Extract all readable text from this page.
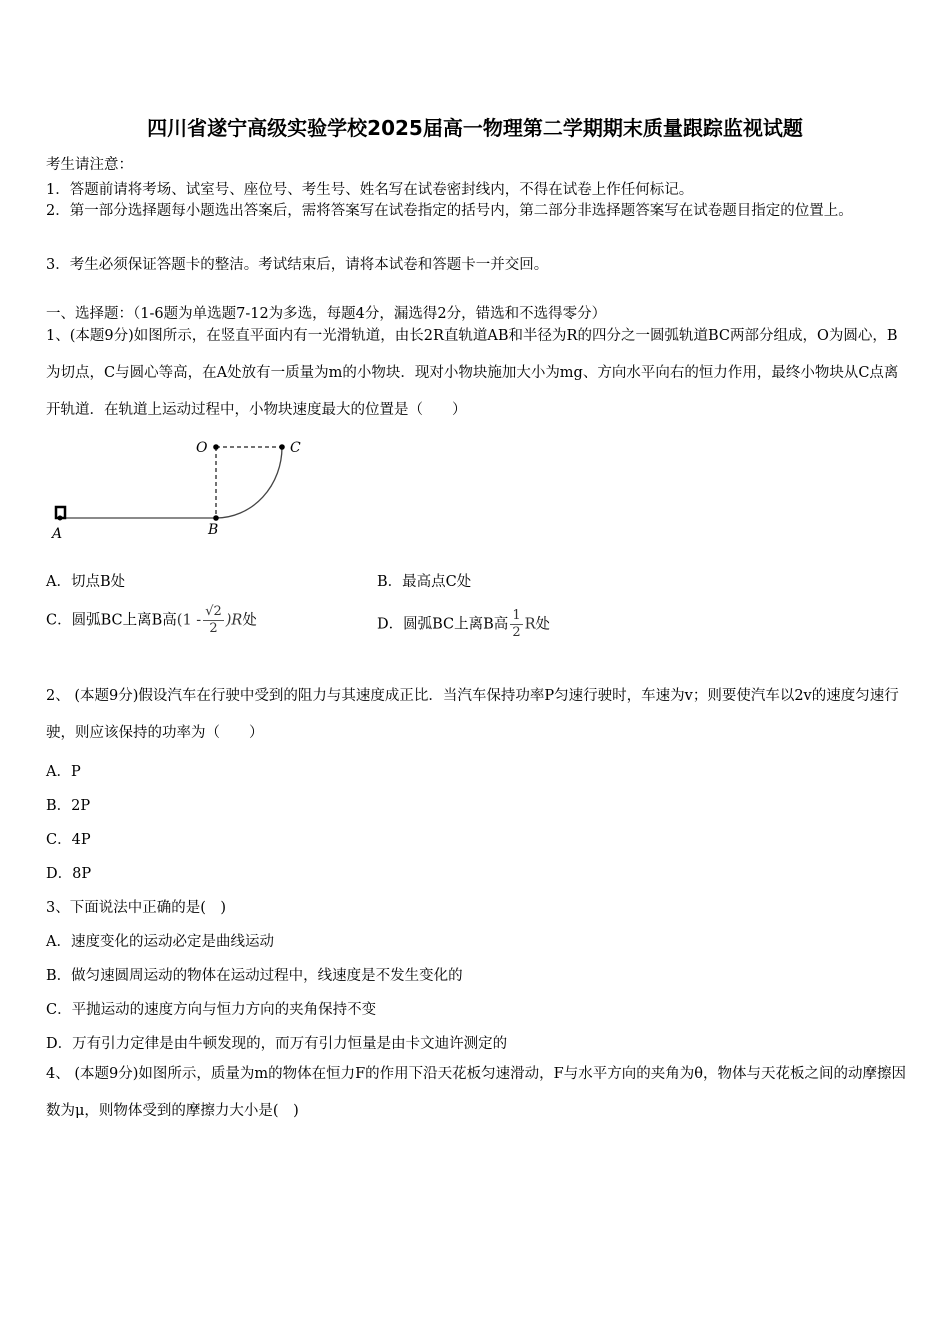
四川省遂宁高级实验学校2025届高一物理第二学期期末质量跟踪监视试题
考生请注意：
1．答题前请将考场、试室号、座位号、考生号、姓名写在试卷密封线内，不得在试卷上作任何标记。
2．第一部分选择题每小题选出答案后，需将答案写在试卷指定的括号内，第二部分非选择题答案写在试卷题目指定的位置上。
3．考生必须保证答题卡的整洁。考试结束后，请将本试卷和答题卡一并交回。
一、选择题：（1-6题为单选题7-12为多选，每题4分，漏选得2分，错选和不选得零分）
1、(本题9分)如图所示，在竖直平面内有一光滑轨道，由长2R直轨道AB和半径为R的四分之一圆弧轨道BC两部分组成，O为圆心，B为切点，C与圆心等高，在A处放有一质量为m的小物块．现对小物块施加大小为mg、方向水平向右的恒力作用，最终小物块从C点离开轨道．在轨道上运动过程中，小物块速度最大的位置是（　　）
O	C
A	B
A．切点B处	B．最高点C处
C．圆弧BC上离B高$(1 - \frac{√2}{2} )R$处	D．圆弧BC上离B高 $\frac{1}{2}$ R处
2、 (本题9分)假设汽车在行驶中受到的阻力与其速度成正比．当汽车保持功率P匀速行驶时，车速为v；则要使汽车以2v的速度匀速行驶，则应该保持的功率为（　　）
A．P
B．2P
C．4P
D．8P
3、下面说法中正确的是(　)
A．速度变化的运动必定是曲线运动
B．做匀速圆周运动的物体在运动过程中，线速度是不发生变化的
C．平抛运动的速度方向与恒力方向的夹角保持不变
D．万有引力定律是由牛顿发现的，而万有引力恒量是由卡文迪许测定的
4、 (本题9分)如图所示，质量为m的物体在恒力F的作用下沿天花板匀速滑动，F与水平方向的夹角为θ，物体与天花板之间的动摩擦因数为μ，则物体受到的摩擦力大小是(　)
